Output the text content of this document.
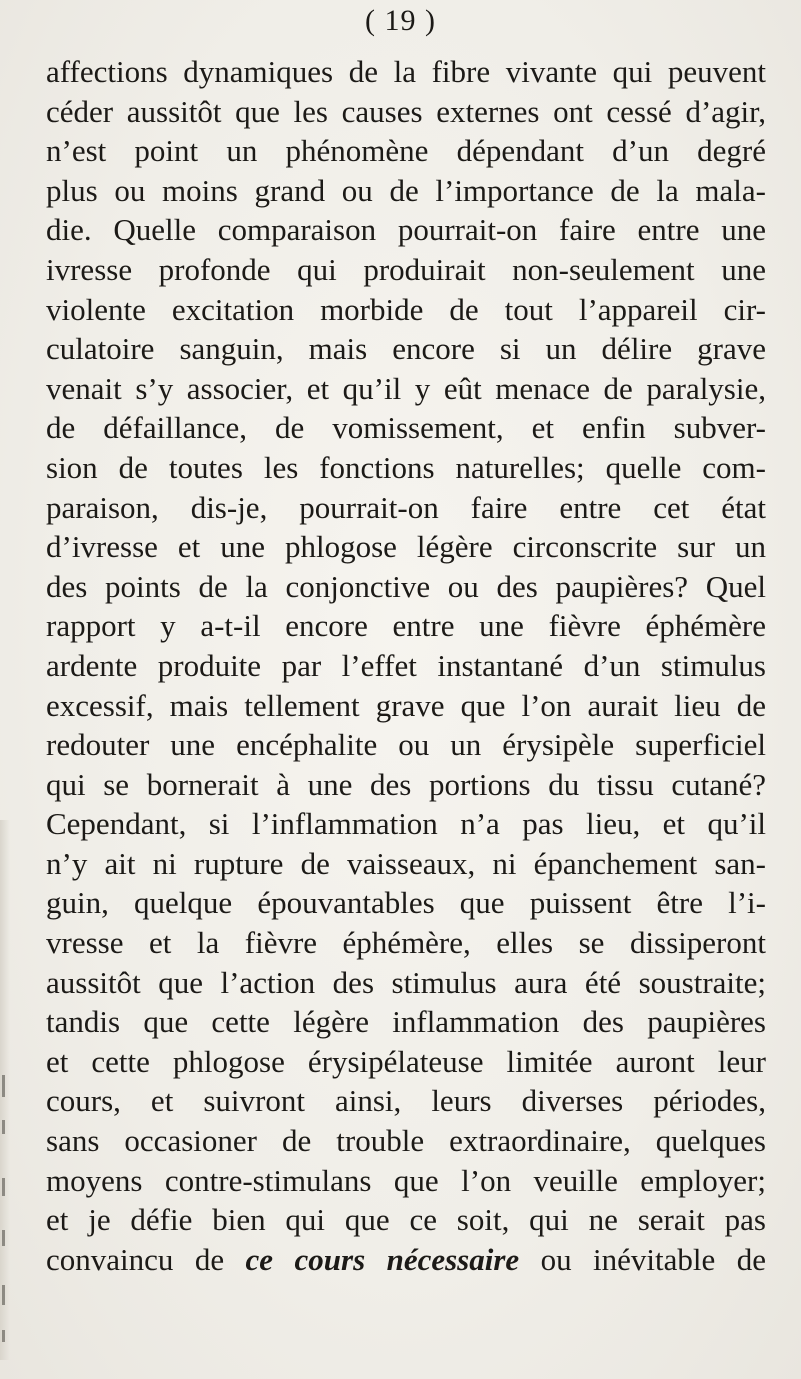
( 19 )
affections dynamiques de la fibre vivante qui peuvent
céder aussitôt que les causes externes ont cessé d’agir,
n’est point un phénomène dépendant d’un degré
plus ou moins grand ou de l’importance de la mala-
die. Quelle comparaison pourrait-on faire entre une
ivresse profonde qui produirait non-seulement une
violente excitation morbide de tout l’appareil cir-
culatoire sanguin, mais encore si un délire grave
venait s’y associer, et qu’il y eût menace de paralysie,
de défaillance, de vomissement, et enfin subver-
sion de toutes les fonctions naturelles; quelle com-
paraison, dis-je, pourrait-on faire entre cet état
d’ivresse et une phlogose légère circonscrite sur un
des points de la conjonctive ou des paupières? Quel
rapport y a-t-il encore entre une fièvre éphémère
ardente produite par l’effet instantané d’un stimulus
excessif, mais tellement grave que l’on aurait lieu de
redouter une encéphalite ou un érysipèle superficiel
qui se bornerait à une des portions du tissu cutané?
Cependant, si l’inflammation n’a pas lieu, et qu’il
n’y ait ni rupture de vaisseaux, ni épanchement san-
guin, quelque épouvantables que puissent être l’i-
vresse et la fièvre éphémère, elles se dissiperont
aussitôt que l’action des stimulus aura été soustraite;
tandis que cette légère inflammation des paupières
et cette phlogose érysipélateuse limitée auront leur
cours, et suivront ainsi, leurs diverses périodes,
sans occasioner de trouble extraordinaire, quelques
moyens contre-stimulans que l’on veuille employer;
et je défie bien qui que ce soit, qui ne serait pas
convaincu de ce cours nécessaire ou inévitable de
